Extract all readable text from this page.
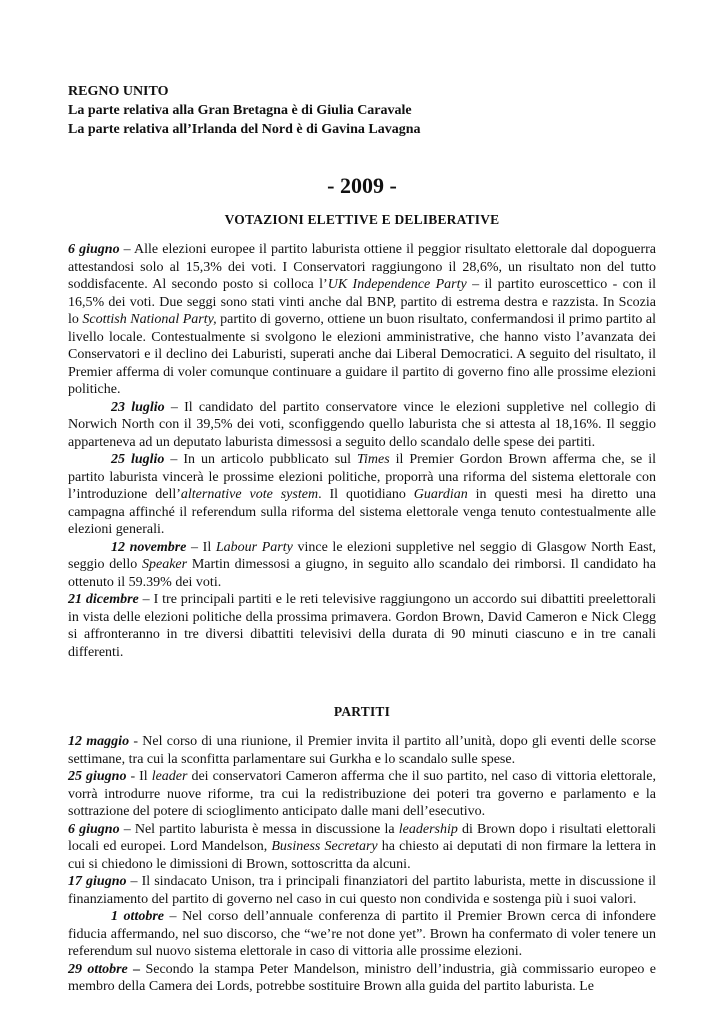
REGNO UNITO

La parte relativa alla Gran Bretagna è di Giulia Caravale

La parte relativa all’Irlanda del Nord è di Gavina Lavagna

- 2009 -
VOTAZIONI ELETTIVE E DELIBERATIVE

6 giugno – Alle elezioni europee il partito laburista ottiene il peggior risultato elettorale dal dopoguerra attestandosi solo al 15,3% dei voti. I Conservatori raggiungono il 28,6%, un risultato non del tutto soddisfacente. Al secondo posto si colloca l’UK Independence Party – il partito euroscettico - con il 16,5% dei voti. Due seggi sono stati vinti anche dal BNP, partito di estrema destra e razzista. In Scozia lo Scottish National Party, partito di governo, ottiene un buon risultato, confermandosi il primo partito al livello locale. Contestualmente si svolgono le elezioni amministrative, che hanno visto l’avanzata dei Conservatori e il declino dei Laburisti, superati anche dai Liberal Democratici. A seguito del risultato, il Premier afferma di voler comunque continuare a guidare il partito di governo fino alle prossime elezioni politiche.

23 luglio – Il candidato del partito conservatore vince le elezioni suppletive nel collegio di Norwich North con il 39,5% dei voti, sconfiggendo quello laburista che si attesta al 18,16%. Il seggio apparteneva ad un deputato laburista dimessosi a seguito dello scandalo delle spese dei partiti.

25 luglio – In un articolo pubblicato sul Times il Premier Gordon Brown afferma che, se il partito laburista vincerà le prossime elezioni politiche, proporrà una riforma del sistema elettorale con l’introduzione dell’alternative vote system. Il quotidiano Guardian in questi mesi ha diretto una campagna affinché il referendum sulla riforma del sistema elettorale venga tenuto contestualmente alle elezioni generali.

12 novembre – Il Labour Party vince le elezioni suppletive nel seggio di Glasgow North East, seggio dello Speaker Martin dimessosi a giugno, in seguito allo scandalo dei rimborsi. Il candidato ha ottenuto il 59.39% dei voti.

21 dicembre – I tre principali partiti e le reti televisive raggiungono un accordo sui dibattiti preelettorali in vista delle elezioni politiche della prossima primavera. Gordon Brown, David Cameron e Nick Clegg si affronteranno in tre diversi dibattiti televisivi della durata di 90 minuti ciascuno e in tre canali differenti.

PARTITI

12 maggio - Nel corso di una riunione, il Premier invita il partito all’unità, dopo gli eventi delle scorse settimane, tra cui la sconfitta parlamentare sui Gurkha e lo scandalo sulle spese.

25 giugno - Il leader dei conservatori Cameron afferma che il suo partito, nel caso di vittoria elettorale, vorrà introdurre nuove riforme, tra cui la redistribuzione dei poteri tra governo e parlamento e la sottrazione del potere di scioglimento anticipato dalle mani dell’esecutivo.

6 giugno – Nel partito laburista è messa in discussione la leadership di Brown dopo i risultati elettorali locali ed europei. Lord Mandelson, Business Secretary ha chiesto ai deputati di non firmare la lettera in cui si chiedono le dimissioni di Brown, sottoscritta da alcuni.

17 giugno – Il sindacato Unison, tra i principali finanziatori del partito laburista, mette in discussione il finanziamento del partito di governo nel caso in cui questo non condivida e sostenga più i suoi valori.

1 ottobre – Nel corso dell’annuale conferenza di partito il Premier Brown cerca di infondere fiducia affermando, nel suo discorso, che “we’re not done yet”. Brown ha confermato di voler tenere un referendum sul nuovo sistema elettorale in caso di vittoria alle prossime elezioni.

29 ottobre – Secondo la stampa Peter Mandelson, ministro dell’industria, già commissario europeo e membro della Camera dei Lords, potrebbe sostituire Brown alla guida del partito laburista. Le
